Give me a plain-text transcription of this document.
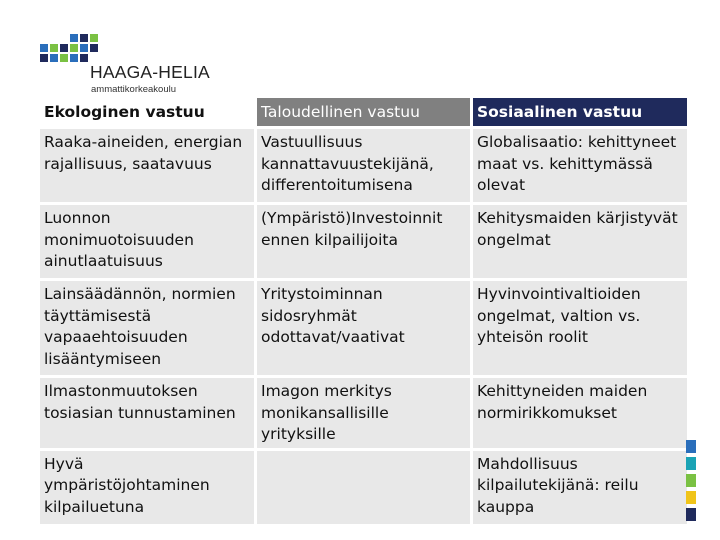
HAAGA-HELIA
ammattikorkeakoulu
Ekologinen vastuu	Taloudellinen vastuu	Sosiaalinen vastuu
Raaka-aineiden, energian rajallisuus, saatavuus	Vastuullisuus kannattavuustekijänä, differentoitumisena	Globalisaatio: kehittyneet maat vs. kehittymässä olevat
Luonnon monimuotoisuuden ainutlaatuisuus	(Ympäristö)Investoinnit ennen kilpailijoita	Kehitysmaiden kärjistyvät ongelmat
Lainsäädännön, normien täyttämisestä vapaaehtoisuuden lisääntymiseen	Yritystoiminnan sidosryhmät odottavat/vaativat	Hyvinvointivaltioiden ongelmat, valtion vs. yhteisön roolit
Ilmastonmuutoksen tosiasian tunnustaminen	Imagon merkitys monikansallisille yrityksille	Kehittyneiden maiden normirikkomukset
Hyvä ympäristöjohtaminen kilpailuetuna		Mahdollisuus kilpailutekijänä: reilu kauppa
